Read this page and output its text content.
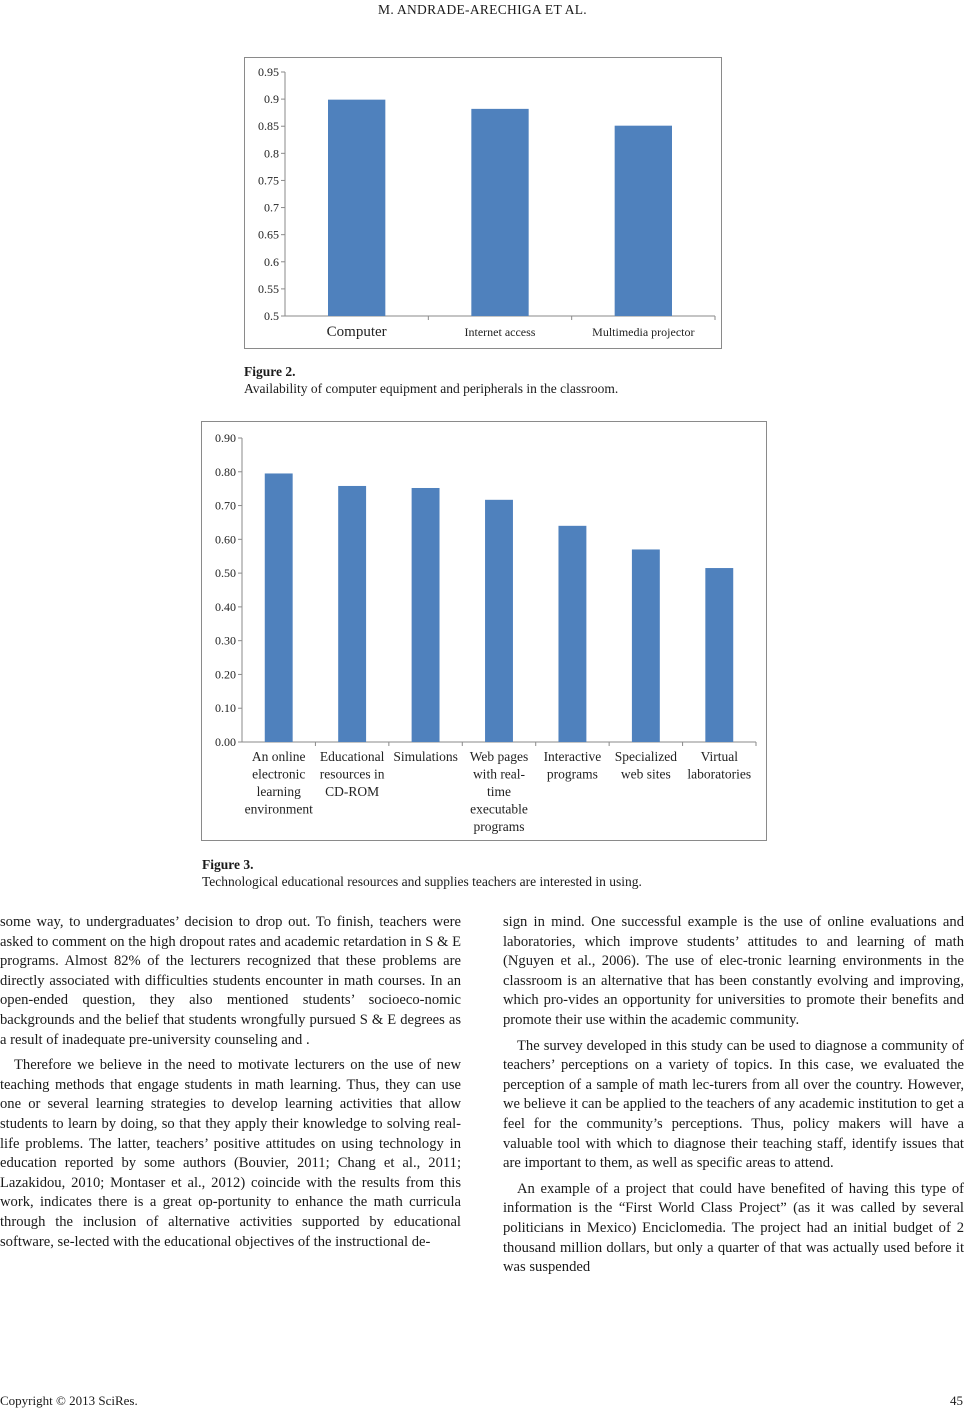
M. ANDRADE-ARECHIGA ET AL.
0.5
0.55
0.6
0.65
0.7
0.75
0.8
0.85
0.9
0.95
Computer	Internet access	Multimedia projector
Figure 2.
Availability of computer equipment and peripherals in the classroom.
0.00
0.10
0.20
0.30
0.40
0.50
0.60
0.70
0.80
0.90
An online
electronic
learning
environment
Educational
resources in
CD-ROM
Simulations Web pages
with real-
time
executable
programs
Interactive
programs
Specialized
web sites
Virtual
laboratories
Figure 3.
Technological educational resources and supplies teachers are interested in using.

some way, to undergraduates’ decision to drop out. To finish, teachers were asked to comment on the high dropout rates and academic retardation in S & E programs. Almost 82% of the lecturers recognized that these problems are directly associated with difficulties students encounter in math courses. In an open-ended question, they also mentioned students’ socioeco-nomic backgrounds and the belief that students wrongfully pursued S & E degrees as a result of inadequate pre-university counseling and .

Therefore we believe in the need to motivate lecturers on the use of new teaching methods that engage students in math learning. Thus, they can use one or several learning strategies to develop learning activities that allow students to learn by doing, so that they apply their knowledge to solving real-life problems. The latter, teachers’ positive attitudes on using technology in education reported by some authors (Bouvier, 2011; Chang et al., 2011; Lazakidou, 2010; Montaser et al., 2012) coincide with the results from this work, indicates there is a great op-portunity to enhance the math curricula through the inclusion of alternative activities supported by educational software, se-lected with the educational objectives of the instructional de-

sign in mind. One successful example is the use of online evaluations and laboratories, which improve students’ attitudes to and learning of math (Nguyen et al., 2006). The use of elec-tronic learning environments in the classroom is an alternative that has been constantly evolving and improving, which pro-vides an opportunity for universities to promote their benefits and promote their use within the academic community.

The survey developed in this study can be used to diagnose a community of teachers’ perceptions on a variety of topics. In this case, we evaluated the perception of a sample of math lec-turers from all over the country. However, we believe it can be applied to the teachers of any academic institution to get a feel for the community’s perceptions. Thus, policy makers will have a valuable tool with which to diagnose their teaching staff, identify issues that are important to them, as well as specific areas to attend.

An example of a project that could have benefited of having this type of information is the “First World Class Project” (as it was called by several politicians in Mexico) Enciclomedia. The project had an initial budget of 2 thousand million dollars, but only a quarter of that was actually used before it was suspended

Copyright © 2013 SciRes.	45
